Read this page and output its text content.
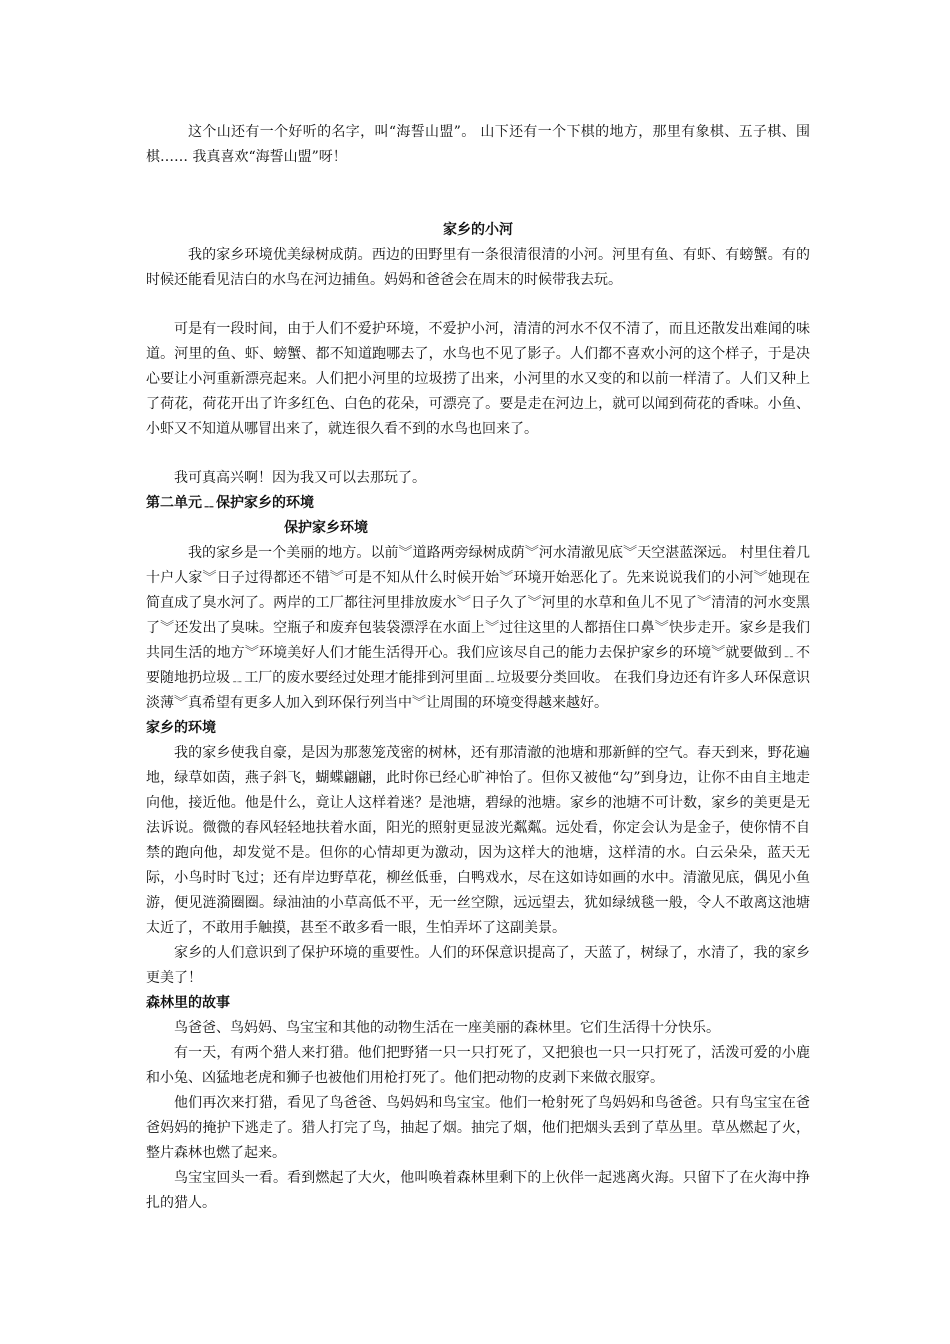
这个山还有一个好听的名字，叫“海誓山盟”。 山下还有一个下棋的地方，那里有象棋、五子棋、围棋…… 我真喜欢“海誓山盟”呀！

家乡的小河

我的家乡环境优美绿树成荫。西边的田野里有一条很清很清的小河。河里有鱼、有虾、有螃蟹。有的时候还能看见洁白的水鸟在河边捕鱼。妈妈和爸爸会在周末的时候带我去玩。

可是有一段时间，由于人们不爱护环境，不爱护小河，清清的河水不仅不清了，而且还散发出难闻的味道。河里的鱼、虾、螃蟹、都不知道跑哪去了，水鸟也不见了影子。人们都不喜欢小河的这个样子，于是决心要让小河重新漂亮起来。人们把小河里的垃圾捞了出来，小河里的水又变的和以前一样清了。人们又种上了荷花，荷花开出了许多红色、白色的花朵，可漂亮了。要是走在河边上，就可以闻到荷花的香味。小鱼、小虾又不知道从哪冒出来了，就连很久看不到的水鸟也回来了。

我可真高兴啊！因为我又可以去那玩了。

第二单元﹎保护家乡的环境

保护家乡环境

我的家乡是一个美丽的地方。以前︾道路两旁绿树成荫︾河水清澈见底︾天空湛蓝深远。 村里住着几十户人家︾日子过得都还不错︾可是不知从什么时候开始︾环境开始恶化了。先来说说我们的小河︾她现在简直成了臭水河了。两岸的工厂都往河里排放废水︾日子久了︾河里的水草和鱼儿不见了︾清清的河水变黑了︾还发出了臭味。空瓶子和废弃包装袋漂浮在水面上︾过往这里的人都捂住口鼻︾快步走开。家乡是我们共同生活的地方︾环境美好人们才能生活得开心。我们应该尽自己的能力去保护家乡的环境︾就要做到﹎不要随地扔垃圾﹎工厂的废水要经过处理才能排到河里面﹎垃圾要分类回收。 在我们身边还有许多人环保意识淡薄︾真希望有更多人加入到环保行列当中︾让周围的环境变得越来越好。

家乡的环境

我的家乡使我自豪，是因为那葱笼茂密的树林，还有那清澈的池塘和那新鲜的空气。春天到来，野花遍地，绿草如茵，燕子斜飞，蝴蝶翩翩，此时你已经心旷神怡了。但你又被他“勾”到身边，让你不由自主地走向他，接近他。他是什么，竟让人这样着迷？是池塘，碧绿的池塘。家乡的池塘不可计数，家乡的美更是无法诉说。微微的春风轻轻地扶着水面，阳光的照射更显波光粼粼。远处看，你定会认为是金子，使你情不自禁的跑向他，却发觉不是。但你的心情却更为激动，因为这样大的池塘，这样清的水。白云朵朵，蓝天无际，小鸟时时飞过；还有岸边野草花，柳丝低垂，白鸭戏水，尽在这如诗如画的水中。清澈见底，偶见小鱼游，便见涟漪圈圈。绿油油的小草高低不平，无一丝空隙，远远望去，犹如绿绒毯一般，令人不敢离这池塘太近了，不敢用手触摸，甚至不敢多看一眼，生怕弄坏了这副美景。

家乡的人们意识到了保护环境的重要性。人们的环保意识提高了，天蓝了，树绿了，水清了，我的家乡更美了！

森林里的故事

鸟爸爸、鸟妈妈、鸟宝宝和其他的动物生活在一座美丽的森林里。它们生活得十分快乐。

有一天，有两个猎人来打猎。他们把野猪一只一只打死了，又把狼也一只一只打死了，活泼可爱的小鹿和小兔、凶猛地老虎和狮子也被他们用枪打死了。他们把动物的皮剥下来做衣服穿。

他们再次来打猎，看见了鸟爸爸、鸟妈妈和鸟宝宝。他们一枪射死了鸟妈妈和鸟爸爸。只有鸟宝宝在爸爸妈妈的掩护下逃走了。猎人打完了鸟，抽起了烟。抽完了烟，他们把烟头丢到了草丛里。草丛燃起了火，整片森林也燃了起来。

鸟宝宝回头一看。看到燃起了大火，他叫唤着森林里剩下的上伙伴一起逃离火海。只留下了在火海中挣扎的猎人。
